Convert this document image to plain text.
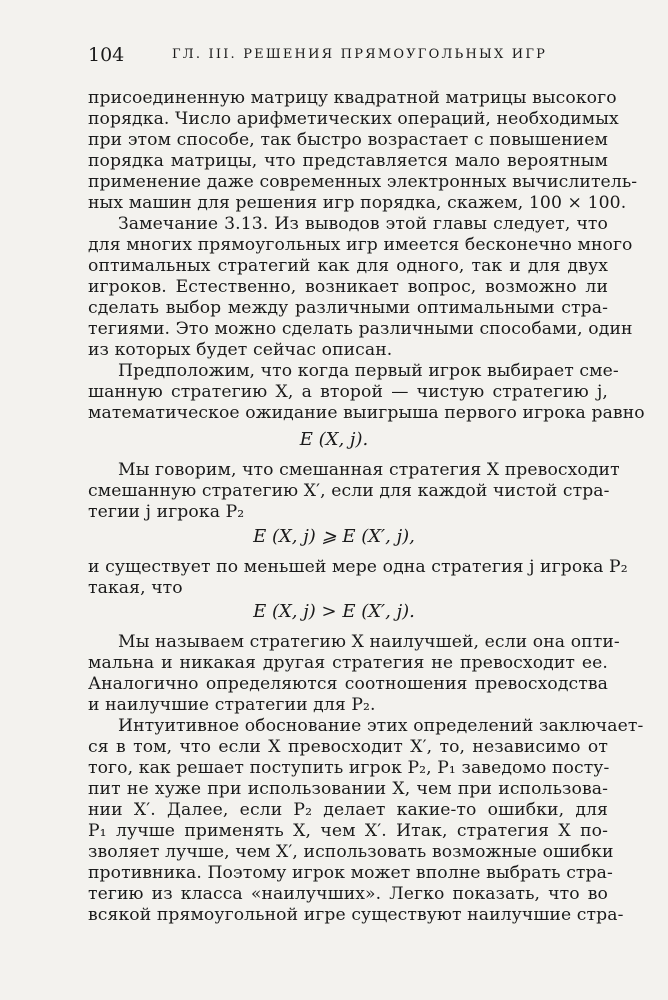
104	ГЛ. III. РЕШЕНИЯ ПРЯМОУГОЛЬНЫХ ИГР
присоединенную матрицу квадратной матрицы высокого
порядка. Число арифметических операций, необходимых
при этом способе, так быстро возрастает с повышением
порядка матрицы, что представляется мало вероятным
применение даже современных электронных вычислитель-
ных машин для решения игр порядка, скажем, 100 × 100.
Замечание 3.13. Из выводов этой главы следует, что
для многих прямоугольных игр имеется бесконечно много
оптимальных стратегий как для одного, так и для двух
игроков. Естественно, возникает вопрос, возможно ли
сделать выбор между различными оптимальными стра-
тегиями. Это можно сделать различными способами, один
из которых будет сейчас описан.
Предположим, что когда первый игрок выбирает сме-
шанную стратегию X, а второй — чистую стратегию j,
математическое ожидание выигрыша первого игрока равно
E (X, j).
Мы говорим, что смешанная стратегия X превосходит
смешанную стратегию X′, если для каждой чистой стра-
тегии j игрока P₂
E (X, j) ⩾ E (X′, j),
и существует по меньшей мере одна стратегия j игрока P₂
такая, что
E (X, j) > E (X′, j).
Мы называем стратегию X наилучшей, если она опти-
мальна и никакая другая стратегия не превосходит ее.
Аналогично определяются соотношения превосходства
и наилучшие стратегии для P₂.
Интуитивное обоснование этих определений заключает-
ся в том, что если X превосходит X′, то, независимо от
того, как решает поступить игрок P₂, P₁ заведомо посту-
пит не хуже при использовании X, чем при использова-
нии X′. Далее, если P₂ делает какие-то ошибки, для
P₁ лучше применять X, чем X′. Итак, стратегия X по-
зволяет лучше, чем X′, использовать возможные ошибки
противника. Поэтому игрок может вполне выбрать стра-
тегию из класса «наилучших». Легко показать, что во
всякой прямоугольной игре существуют наилучшие стра-
